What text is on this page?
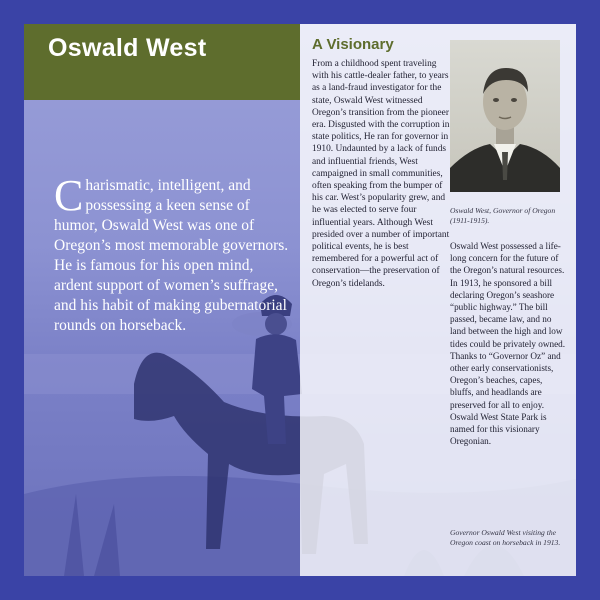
Oswald West
Charismatic, intelligent, and possessing a keen sense of humor, Oswald West was one of Oregon’s most memorable governors. He is famous for his open mind, ardent support of women’s suffrage, and his habit of making gubernatorial rounds on horseback.
A Visionary
From a childhood spent traveling with his cattle-dealer father, to years as a land-fraud investigator for the state, Oswald West witnessed Oregon’s transition from the pioneer era. Disgusted with the corruption in state politics, He ran for governor in 1910. Undaunted by a lack of funds and influential friends, West campaigned in small communities, often speaking from the bumper of his car. West’s popularity grew, and he was elected to serve four influential years. Although West presided over a number of important political events, he is best remembered for a powerful act of conservation—the preservation of Oregon’s tidelands.
Oswald West, Governor of Oregon (1911-1915).
Oswald West possessed a life-long concern for the future of the Oregon’s natural resources. In 1913, he sponsored a bill declaring Oregon’s seashore “public highway.” The bill passed, became law, and no land between the high and low tides could be privately owned. Thanks to “Governor Oz” and other early conservationists, Oregon’s beaches, capes, bluffs, and headlands are preserved for all to enjoy. Oswald West State Park is named for this visionary Oregonian.
Governor Oswald West visiting the Oregon coast on horseback in 1913.
